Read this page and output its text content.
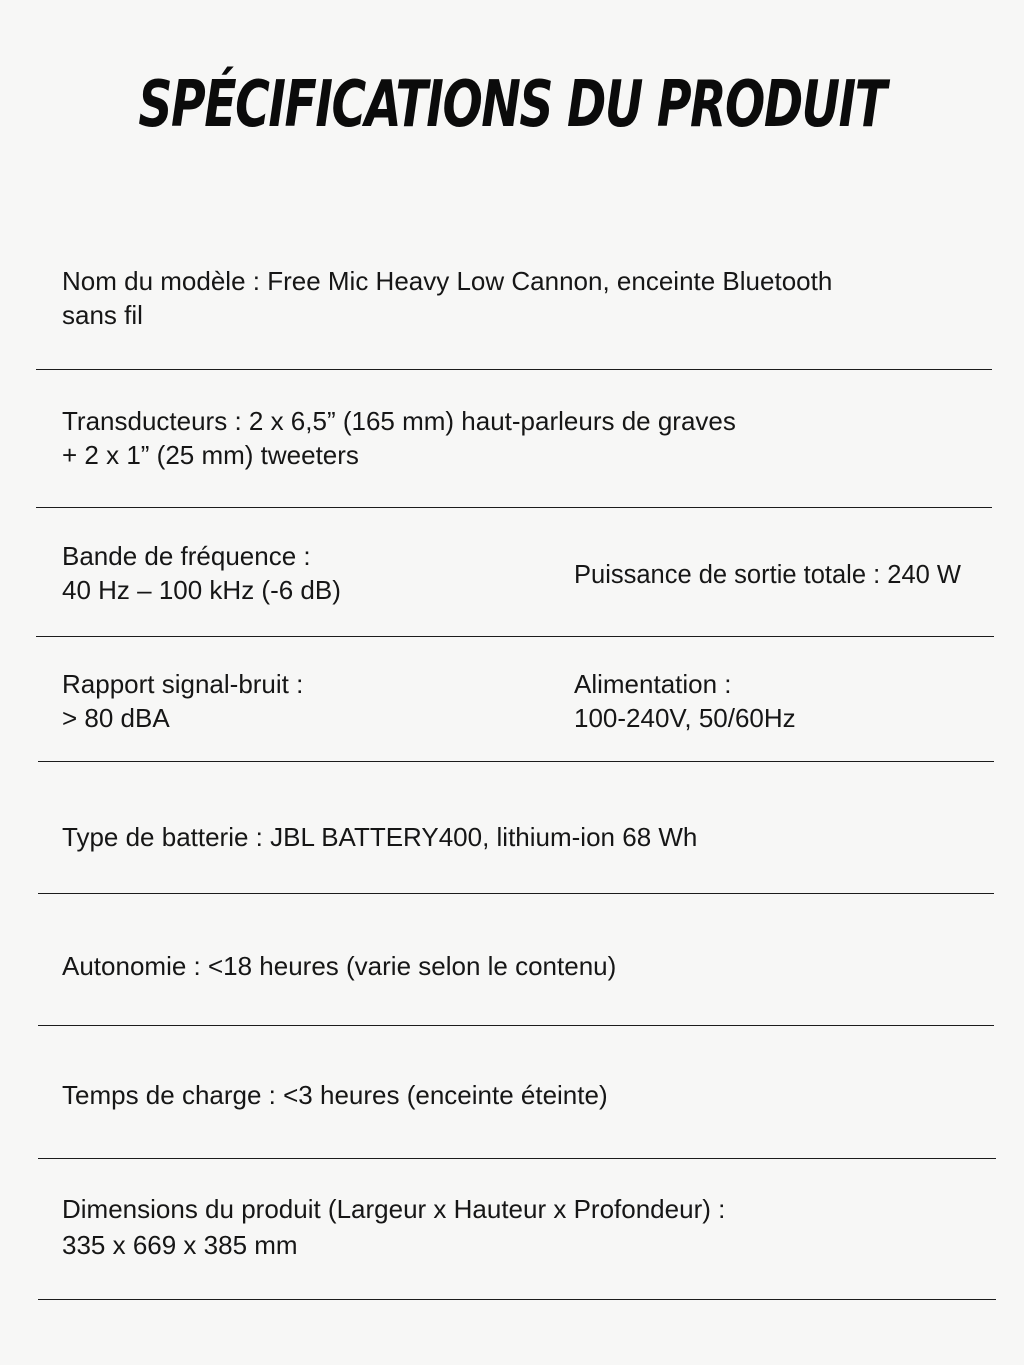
SPÉCIFICATIONS DU PRODUIT
Nom du modèle : Free Mic Heavy Low Cannon, enceinte Bluetooth
sans fil
Transducteurs : 2 x 6,5” (165 mm) haut-parleurs de graves
+ 2 x 1” (25 mm) tweeters
Bande de fréquence :
40 Hz – 100 kHz (-6 dB)	Puissance de sortie totale : 240 W
Rapport signal-bruit :
> 80 dBA
Alimentation :
100-240V, 50/60Hz
Type de batterie : JBL BATTERY400, lithium-ion 68 Wh
Autonomie : <18 heures (varie selon le contenu)
Temps de charge : <3 heures (enceinte éteinte)
Dimensions du produit (Largeur x Hauteur x Profondeur) :
335 x 669 x 385 mm
